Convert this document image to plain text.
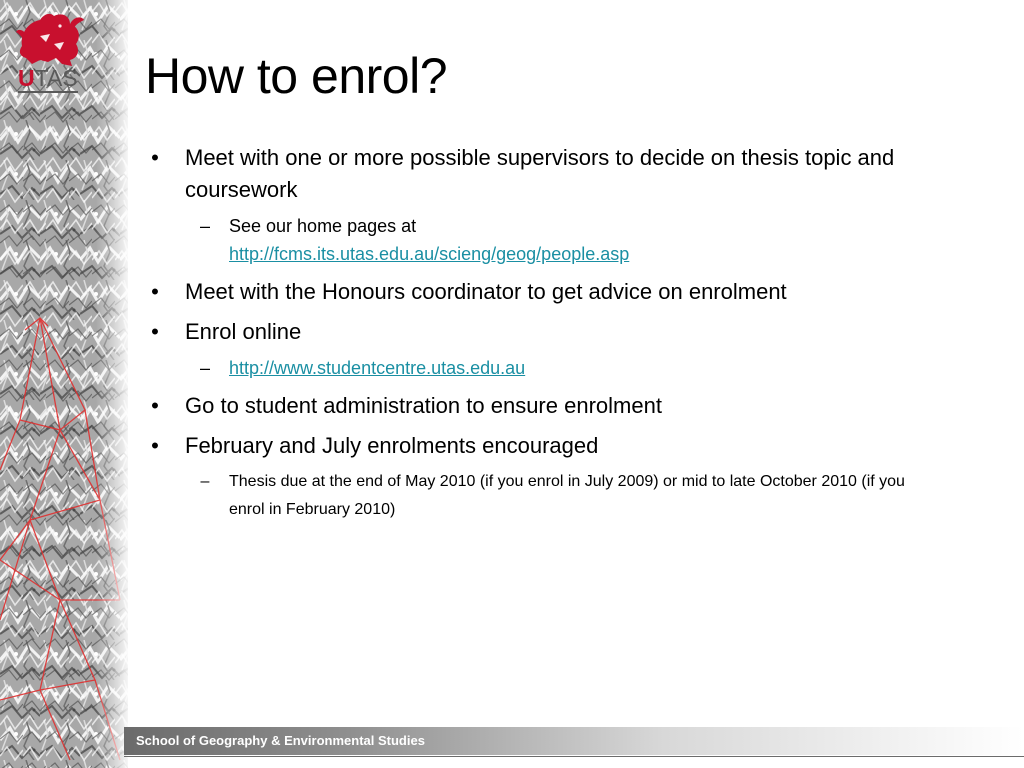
UTAS How to enrol?
• Meet with one or more possible supervisors to decide on thesis topic and coursework
– See our home pages at
http://fcms.its.utas.edu.au/scieng/geog/people.asp
• Meet with the Honours coordinator to get advice on enrolment
• Enrol online
– http://www.studentcentre.utas.edu.au
• Go to student administration to ensure enrolment
• February and July enrolments encouraged
–	Thesis due at the end of May 2010 (if you enrol in July 2009) or mid to late October 2010 (if you enrol in February 2010)
School of Geography & Environmental Studies
